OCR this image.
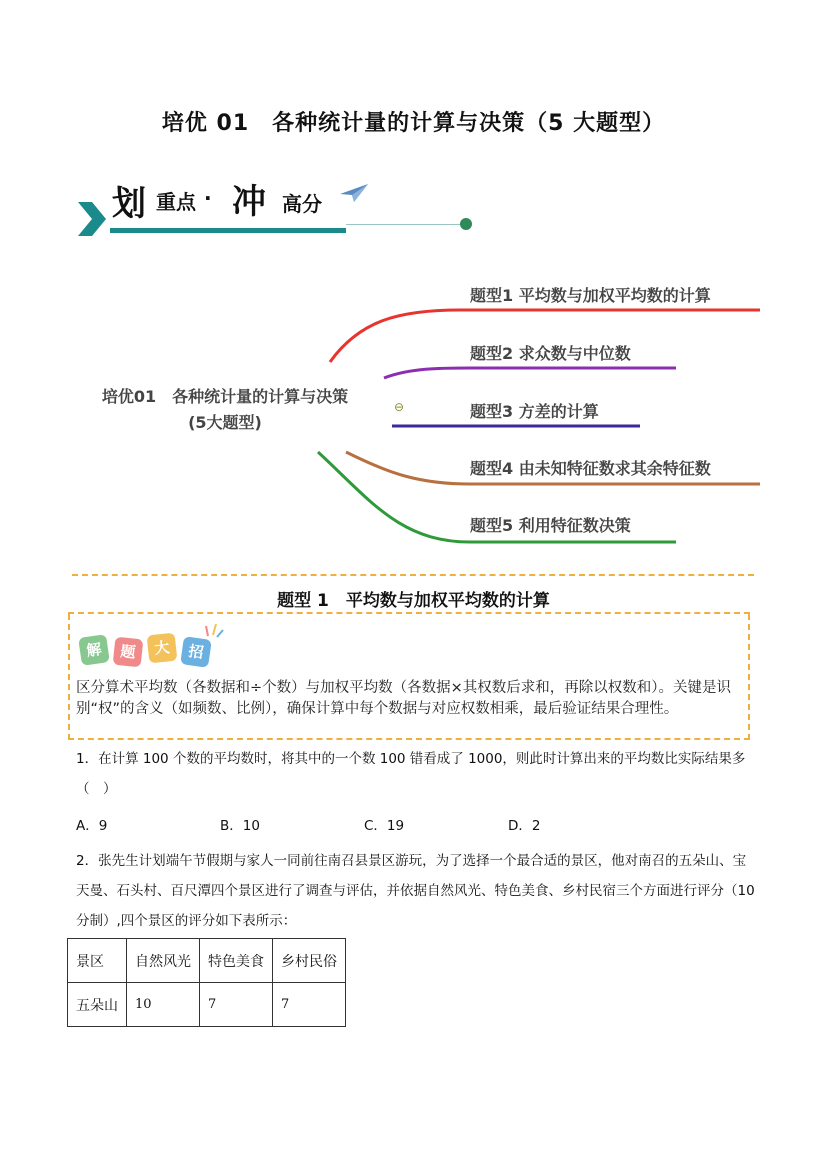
培优 01　各种统计量的计算与决策（5 大题型）
划 重点 · 冲 高分
培优01　各种统计量的计算与决策
(5大题型)
⊖
题型1 平均数与加权平均数的计算
题型2 求众数与中位数
题型3 方差的计算
题型4 由未知特征数求其余特征数
题型5 利用特征数决策
题型 1　平均数与加权平均数的计算
解	题	大	招
区分算术平均数（各数据和÷个数）与加权平均数（各数据×其权数后求和，再除以权数和）。关键是识别“权”的含义（如频数、比例），确保计算中每个数据与对应权数相乘，最后验证结果合理性。
1．在计算 100 个数的平均数时，将其中的一个数 100 错看成了 1000，则此时计算出来的平均数比实际结果多（　）
A．9	B．10	C．19	D．2
2．张先生计划端午节假期与家人一同前往南召县景区游玩，为了选择一个最合适的景区，他对南召的五朵山、宝天曼、石头村、百尺潭四个景区进行了调查与评估，并依据自然风光、特色美食、乡村民宿三个方面进行评分（10 分制）,四个景区的评分如下表所示：
景区	自然风光	特色美食	乡村民俗
五朵山	10	7	7
